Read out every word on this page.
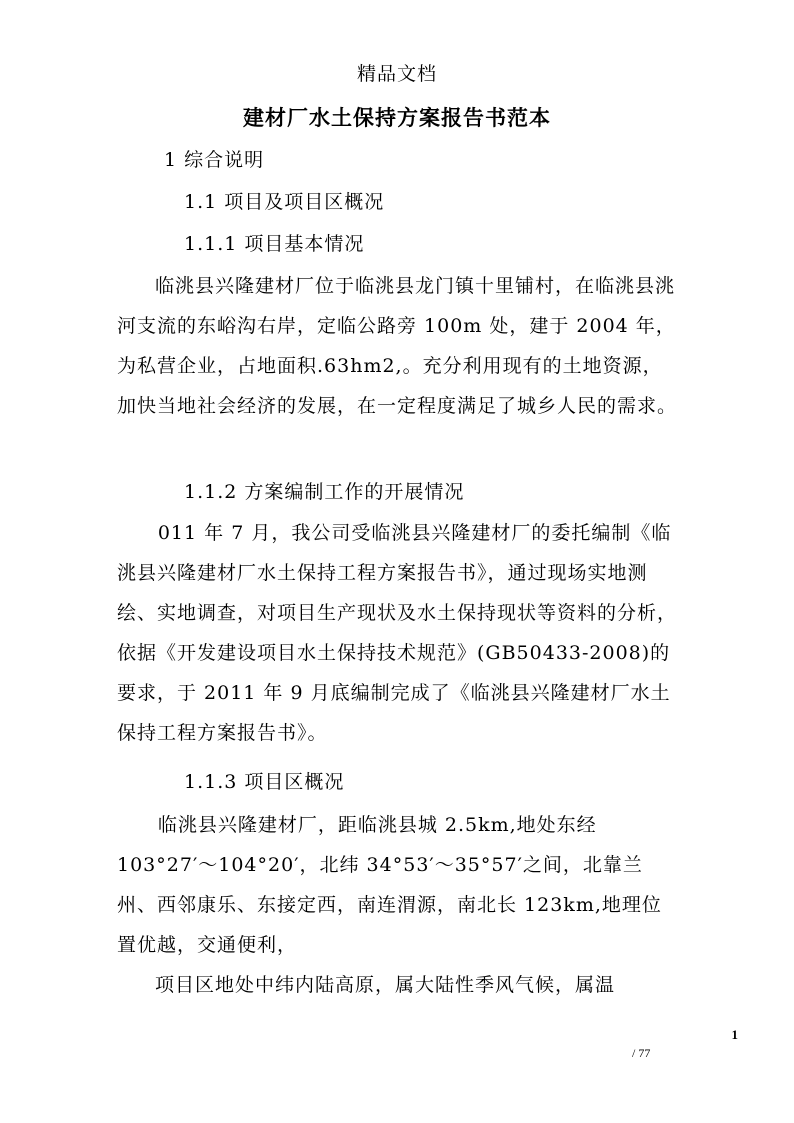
精品文档
建材厂水土保持方案报告书范本
1 综合说明
1.1 项目及项目区概况
1.1.1 项目基本情况

临洮县兴隆建材厂位于临洮县龙门镇十里铺村，在临洮县洮河支流的东峪沟右岸，定临公路旁 100m 处，建于 2004 年，为私营企业，占地面积.63hm2,。充分利用现有的土地资源，加快当地社会经济的发展，在一定程度满足了城乡人民的需求。

1.1.2 方案编制工作的开展情况

011 年 7 月，我公司受临洮县兴隆建材厂的委托编制《临洮县兴隆建材厂水土保持工程方案报告书》，通过现场实地测绘、实地调查，对项目生产现状及水土保持现状等资料的分析，依据《开发建设项目水土保持技术规范》(GB50433-2008)的要求，于 2011 年 9 月底编制完成了《临洮县兴隆建材厂水土保持工程方案报告书》。

1.1.3 项目区概况

临洮县兴隆建材厂，距临洮县城 2.5km,地处东经 103°27′～104°20′，北纬 34°53′～35°57′之间，北靠兰州、西邻康乐、东接定西，南连渭源，南北长 123km,地理位置优越，交通便利，

项目区地处中纬内陆高原，属大陆性季风气候，属温

1
/ 77
